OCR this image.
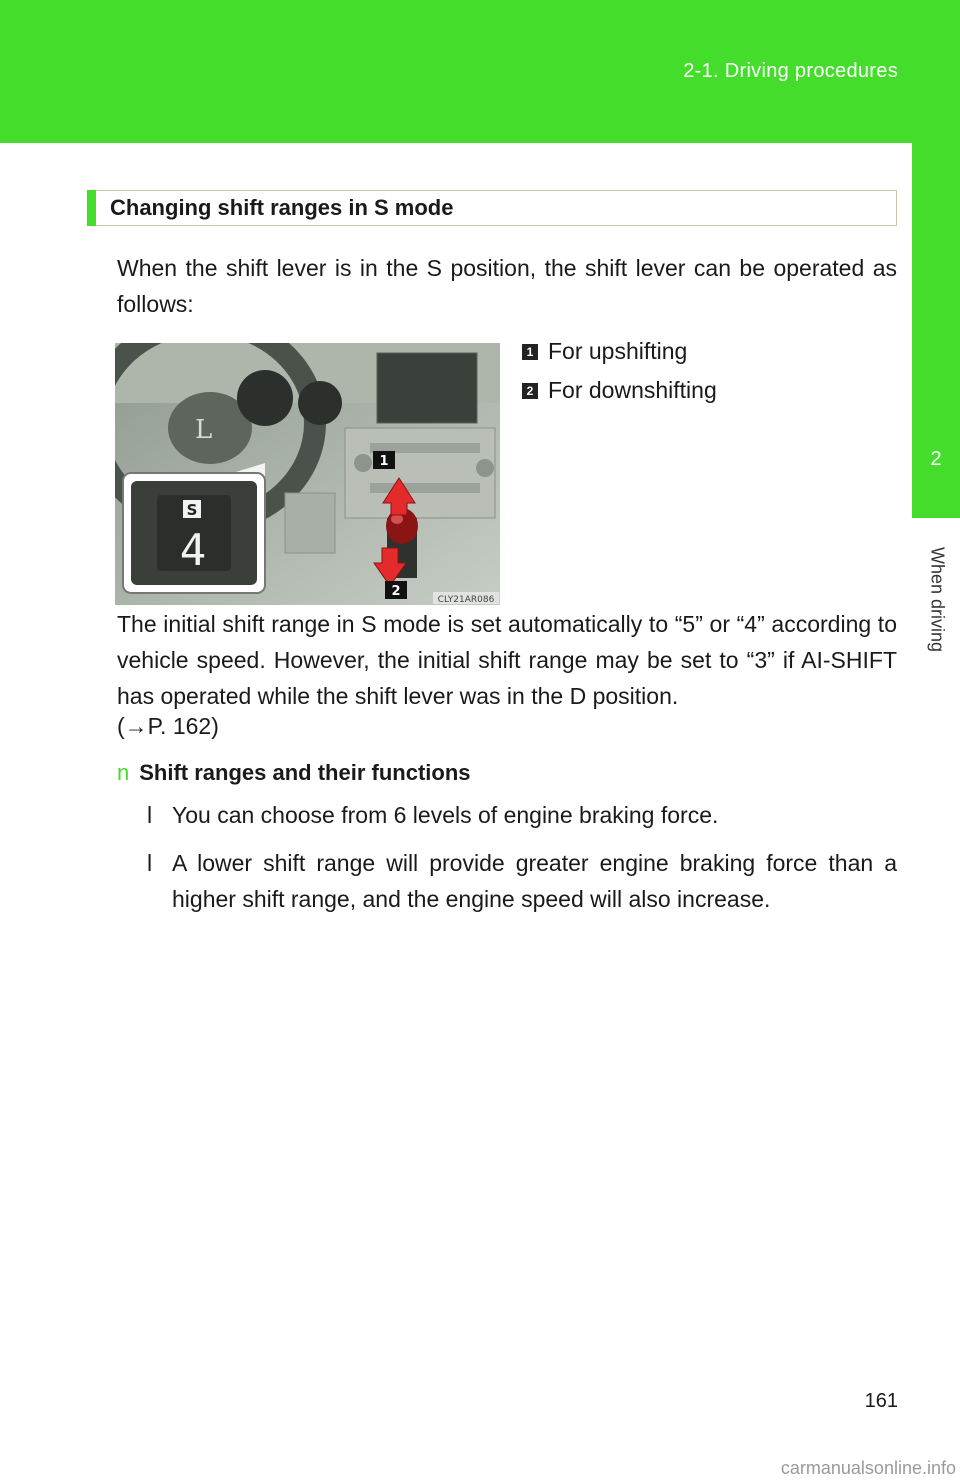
2-1. Driving procedures
2
When driving
Changing shift ranges in S mode
When the shift lever is in the S position, the shift lever can be operated as follows:
L
1
2
S
4
CLY21AR086
1 For upshifting
2 For downshifting
The initial shift range in S mode is set automatically to “5” or “4” according to vehicle speed. However, the initial shift range may be set to “3” if AI-SHIFT has operated while the shift lever was in the D position.
(→P. 162)
n Shift ranges and their functions
l You can choose from 6 levels of engine braking force.
l A lower shift range will provide greater engine braking force than a higher shift range, and the engine speed will also increase.
161
carmanualsonline.info
